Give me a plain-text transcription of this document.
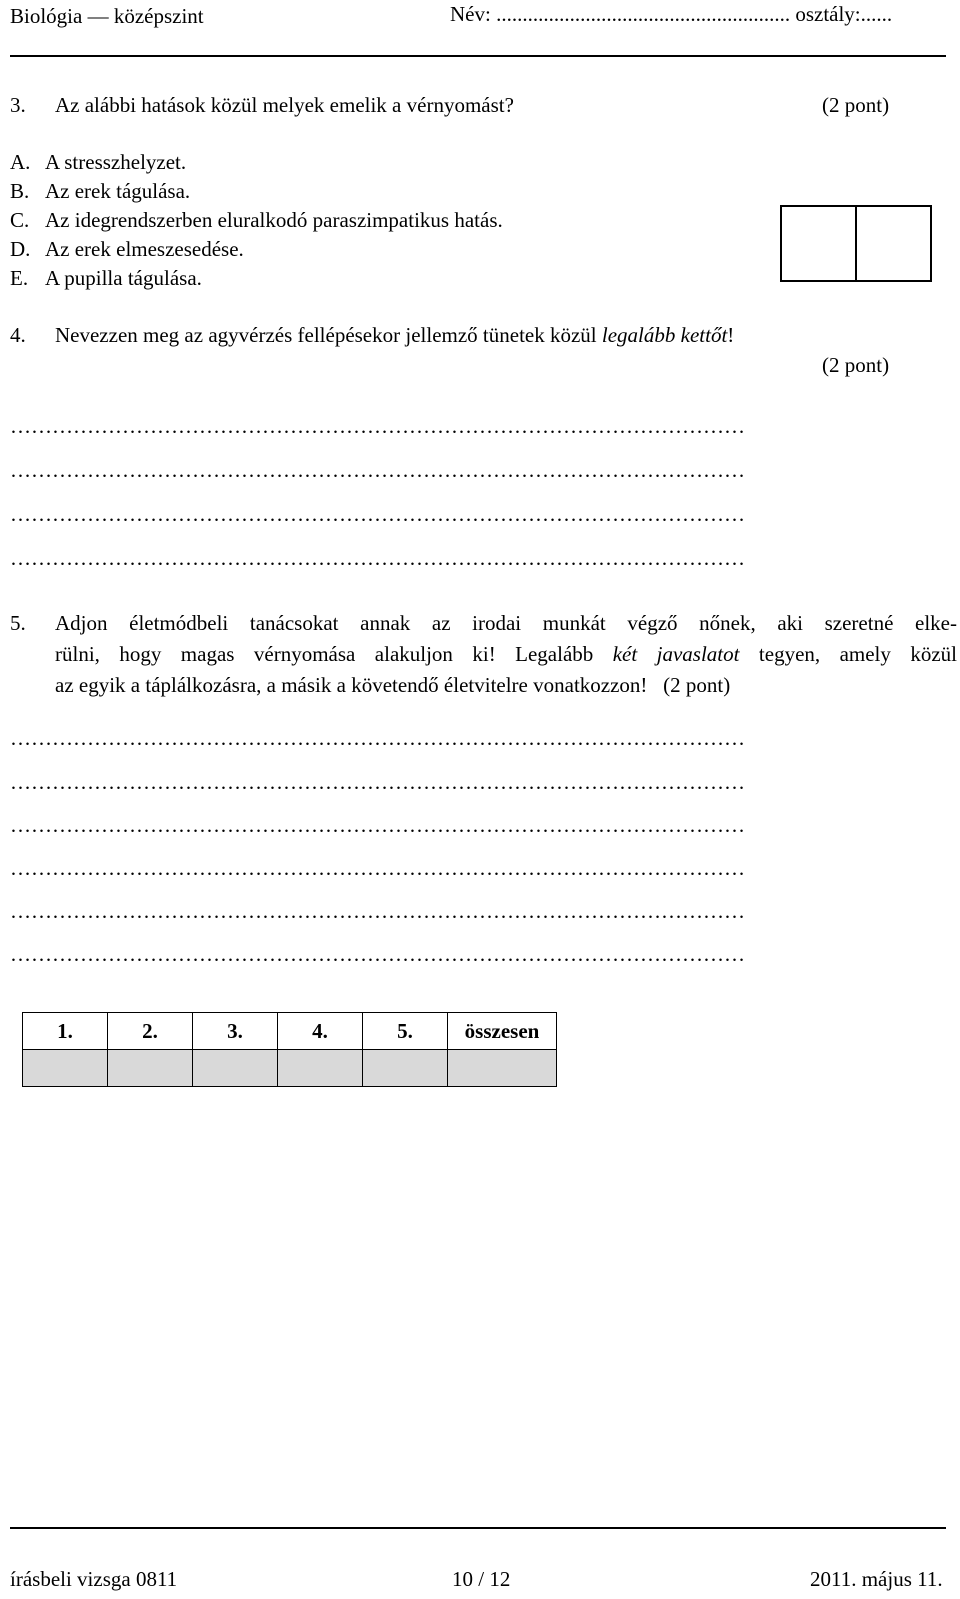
Biológia — középszint	Név: ........................................................ osztály:......
3. Az alábbi hatások közül melyek emelik a vérnyomást?	(2 pont)
A. A stresszhelyzet.
B. Az erek tágulása.
C. Az idegrendszerben eluralkodó paraszimpatikus hatás.
D. Az erek elmeszesedése.
E. A pupilla tágulása.
4. Nevezzen meg az agyvérzés fellépésekor jellemző tünetek közül legalább kettőt!
(2 pont)
……………………………………………………………………………………………
……………………………………………………………………………………………
……………………………………………………………………………………………
……………………………………………………………………………………………
5. Adjon életmódbeli tanácsokat annak az irodai munkát végző nőnek, aki szeretné elke-
rülni, hogy magas vérnyomása alakuljon ki! Legalább két javaslatot tegyen, amely közül
az egyik a táplálkozásra, a másik a követendő életvitelre vonatkozzon! (2 pont)
……………………………………………………………………………………………
……………………………………………………………………………………………
……………………………………………………………………………………………
……………………………………………………………………………………………
……………………………………………………………………………………………
……………………………………………………………………………………………
1.	2.	3.	4.	5.	összesen

írásbeli vizsga 0811	10 / 12	2011. május 11.
